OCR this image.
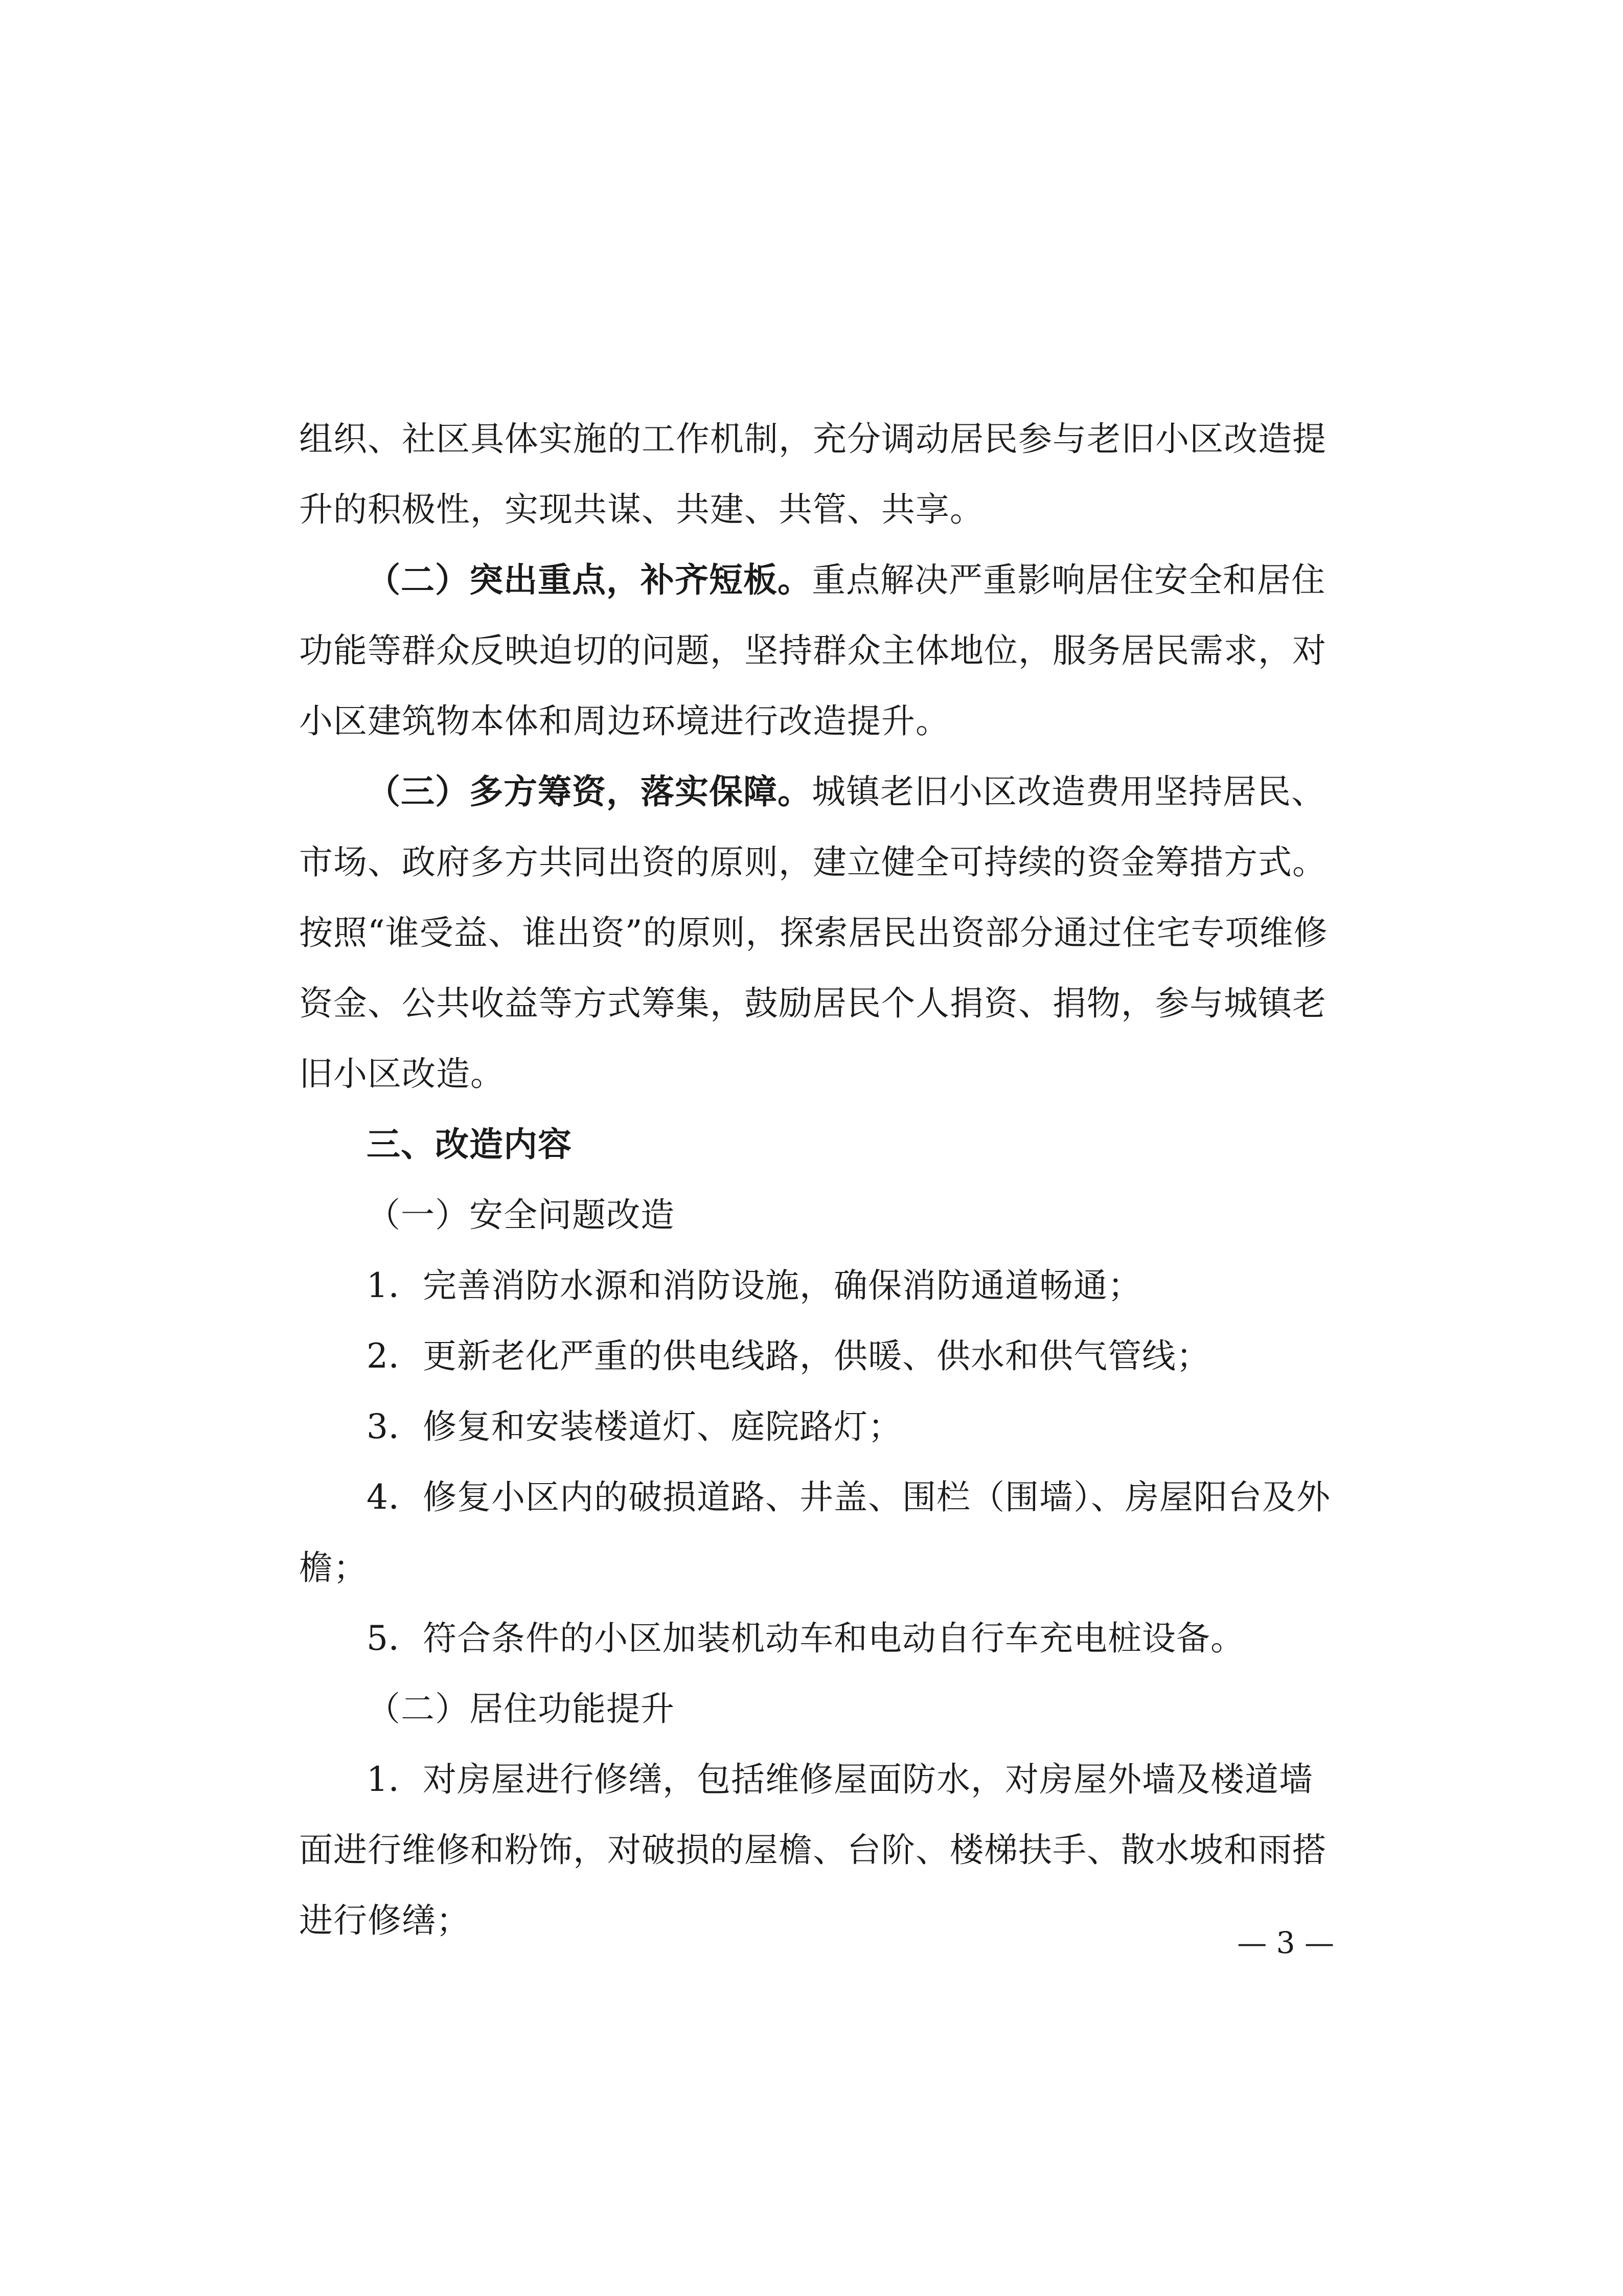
组织、社区具体实施的工作机制，充分调动居民参与老旧小区改造提升的积极性，实现共谋、共建、共管、共享。

（二）突出重点，补齐短板。重点解决严重影响居住安全和居住功能等群众反映迫切的问题，坚持群众主体地位，服务居民需求，对小区建筑物本体和周边环境进行改造提升。

（三）多方筹资，落实保障。城镇老旧小区改造费用坚持居民、市场、政府多方共同出资的原则，建立健全可持续的资金筹措方式。按照“谁受益、谁出资”的原则，探索居民出资部分通过住宅专项维修资金、公共收益等方式筹集，鼓励居民个人捐资、捐物，参与城镇老旧小区改造。

三、改造内容

（一）安全问题改造

1．完善消防水源和消防设施，确保消防通道畅通；

2．更新老化严重的供电线路，供暖、供水和供气管线；

3．修复和安装楼道灯、庭院路灯；

4．修复小区内的破损道路、井盖、围栏（围墙）、房屋阳台及外檐；

5．符合条件的小区加装机动车和电动自行车充电桩设备。

（二）居住功能提升

1．对房屋进行修缮，包括维修屋面防水，对房屋外墙及楼道墙面进行维修和粉饰，对破损的屋檐、台阶、楼梯扶手、散水坡和雨搭进行修缮；

— 3 —
